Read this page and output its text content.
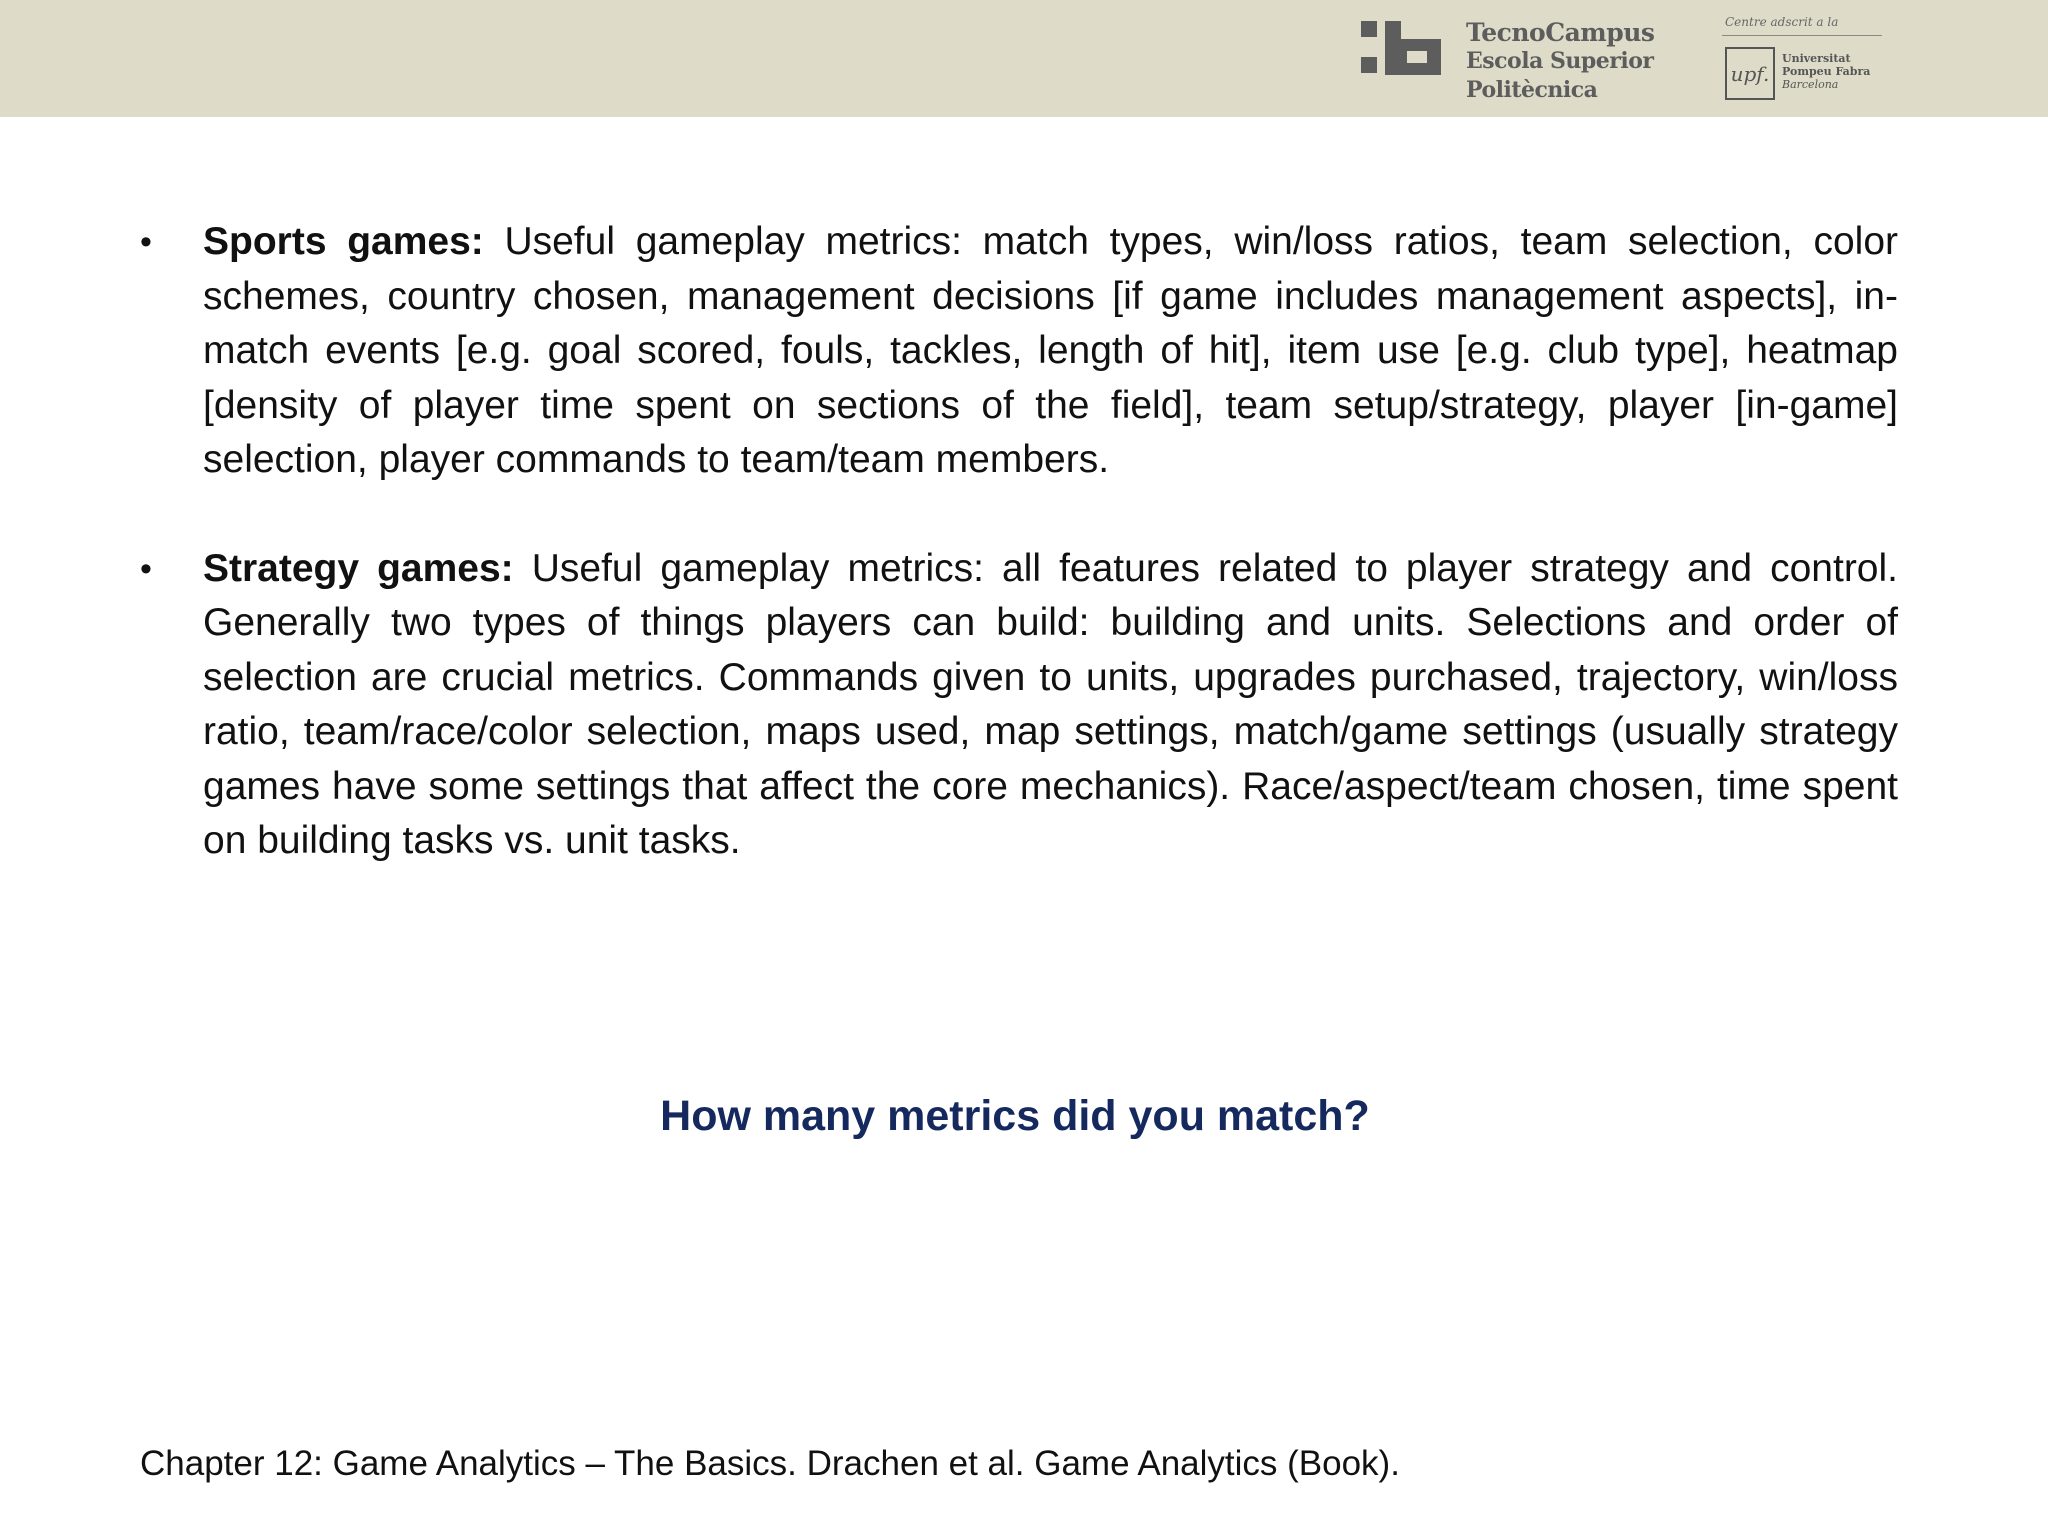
TecnoCampus
Escola Superior
Politècnica
Centre adscrit a la
upf.
Universitat
Pompeu Fabra
Barcelona
• Sports games: Useful gameplay metrics: match types, win/loss ratios, team selection, color schemes, country chosen, management decisions [if game includes management aspects], in-match events [e.g. goal scored, fouls, tackles, length of hit], item use [e.g. club type], heatmap [density of player time spent on sections of the field], team setup/strategy, player [in-game] selection, player commands to team/team members.
• Strategy games: Useful gameplay metrics: all features related to player strategy and control. Generally two types of things players can build: building and units. Selections and order of selection are crucial metrics. Commands given to units, upgrades purchased, trajectory, win/loss ratio, team/race/color selection, maps used, map settings, match/game settings (usually strategy games have some settings that affect the core mechanics). Race/aspect/team chosen, time spent on building tasks vs. unit tasks.
How many metrics did you match?
Chapter 12: Game Analytics – The Basics. Drachen et al. Game Analytics (Book).
